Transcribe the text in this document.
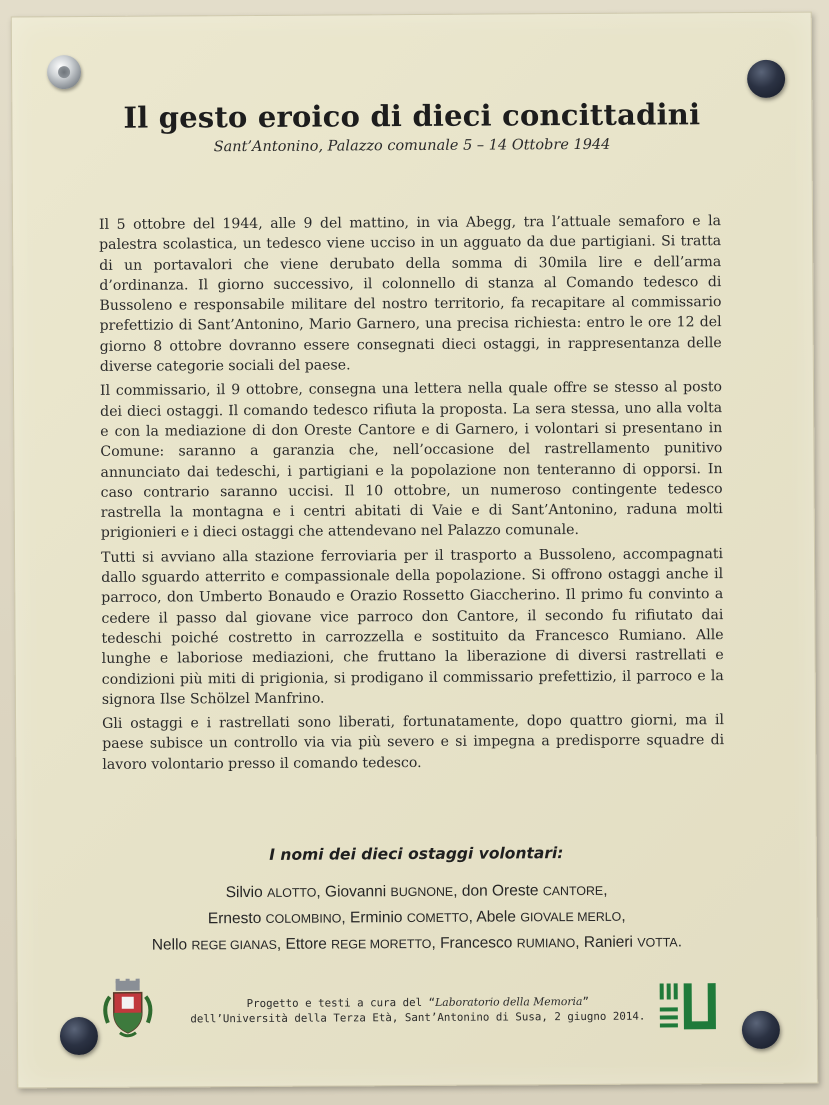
Il gesto eroico di dieci concittadini

Sant’Antonino, Palazzo comunale 5 – 14 Ottobre 1944

Il 5 ottobre del 1944, alle 9 del mattino, in via Abegg, tra l’attuale semaforo e la palestra scolastica, un tedesco viene ucciso in un agguato da due partigiani. Si tratta di un portavalori che viene derubato della somma di 30mila lire e dell’arma d’ordinanza. Il giorno successivo, il colonnello di stanza al Comando tedesco di Bussoleno e responsabile militare del nostro territorio, fa recapitare al commissario prefettizio di Sant’Antonino, Mario Garnero, una precisa richiesta: entro le ore 12 del giorno 8 ottobre dovranno essere consegnati dieci ostaggi, in rappresentanza delle diverse categorie sociali del paese.

Il commissario, il 9 ottobre, consegna una lettera nella quale offre se stesso al posto dei dieci ostaggi. Il comando tedesco rifiuta la proposta. La sera stessa, uno alla volta e con la mediazione di don Oreste Cantore e di Garnero, i volontari si presentano in Comune: saranno a garanzia che, nell’occasione del rastrellamento punitivo annunciato dai tedeschi, i partigiani e la popolazione non tenteranno di opporsi. In caso contrario saranno uccisi. Il 10 ottobre, un numeroso contingente tedesco rastrella la montagna e i centri abitati di Vaie e di Sant’Antonino, raduna molti prigionieri e i dieci ostaggi che attendevano nel Palazzo comunale.

Tutti si avviano alla stazione ferroviaria per il trasporto a Bussoleno, accompagnati dallo sguardo atterrito e compassionale della popolazione. Si offrono ostaggi anche il parroco, don Umberto Bonaudo e Orazio Rossetto Giaccherino. Il primo fu convinto a cedere il passo dal giovane vice parroco don Cantore, il secondo fu rifiutato dai tedeschi poiché costretto in carrozzella e sostituito da Francesco Rumiano. Alle lunghe e laboriose mediazioni, che fruttano la liberazione di diversi rastrellati e condizioni più miti di prigionia, si prodigano il commissario prefettizio, il parroco e la signora Ilse Schölzel Manfrino.

Gli ostaggi e i rastrellati sono liberati, fortunatamente, dopo quattro giorni, ma il paese subisce un controllo via via più severo e si impegna a predisporre squadre di lavoro volontario presso il comando tedesco.

I nomi dei dieci ostaggi volontari:

Silvio ALOTTO, Giovanni BUGNONE, don Oreste CANTORE,
Ernesto COLOMBINO, Erminio COMETTO, Abele GIOVALE MERLO,
Nello REGE GIANAS, Ettore REGE MORETTO, Francesco RUMIANO, Ranieri VOTTA.
Progetto e testi a cura del “Laboratorio della Memoria”
dell’Università della Terza Età, Sant’Antonino di Susa, 2 giugno 2014.
